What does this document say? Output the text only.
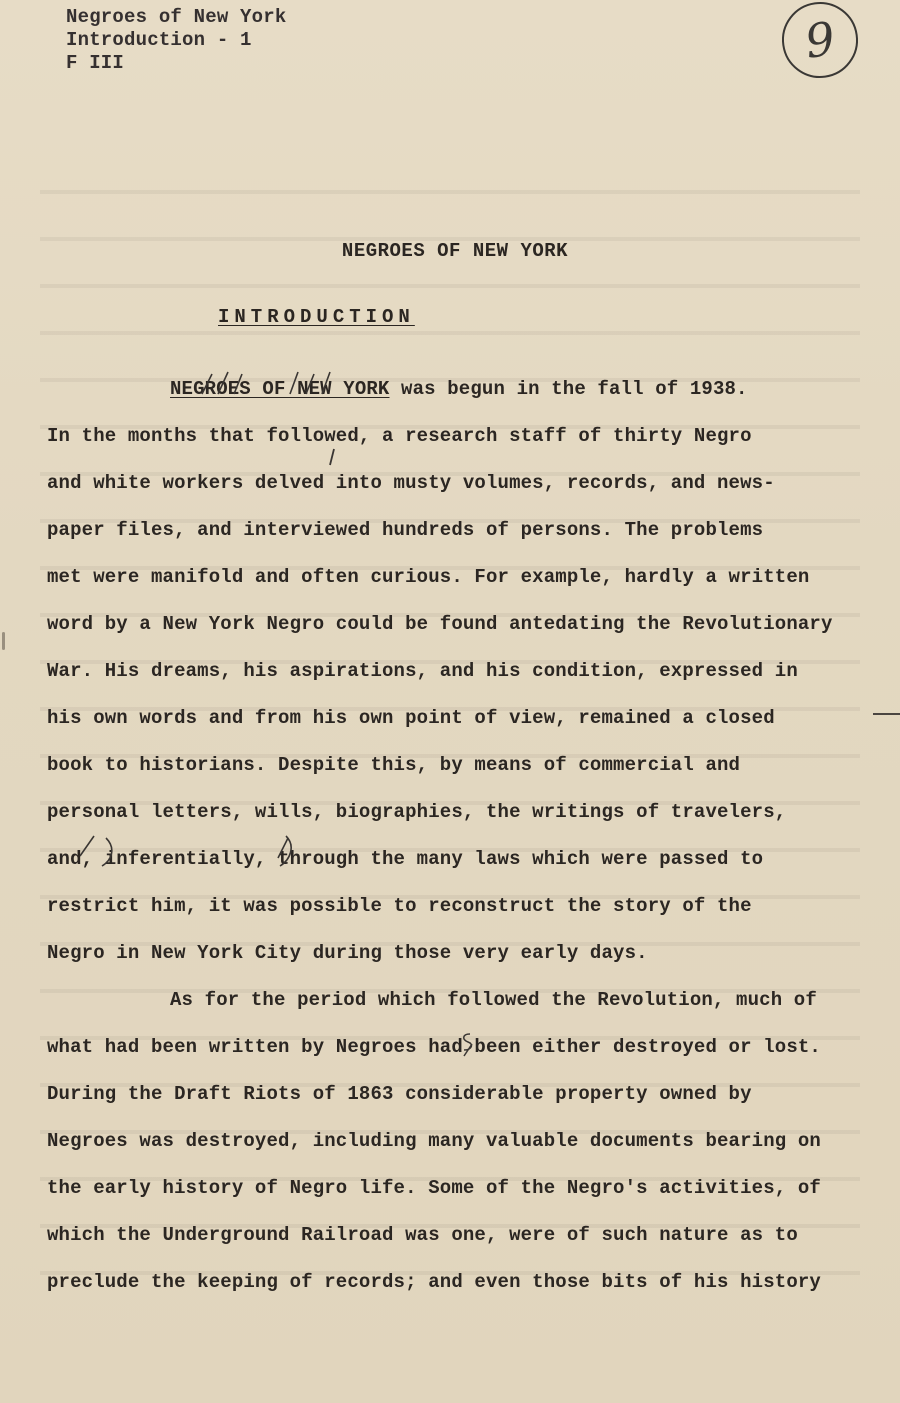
Negroes of New York
Introduction - 1
F III	9
NEGROES OF NEW YORK
INTRODUCTION
NEGROES OF NEW YORK was begun in the fall of 1938.
In the months that followed, a research staff of thirty Negro
and white workers delved into musty volumes, records, and news-
paper files, and interviewed hundreds of persons. The problems
met were manifold and often curious. For example, hardly a written
word by a New York Negro could be found antedating the Revolutionary
War. His dreams, his aspirations, and his condition, expressed in
his own words and from his own point of view, remained a closed
book to historians. Despite this, by means of commercial and
personal letters, wills, biographies, the writings of travelers,
and, inferentially, through the many laws which were passed to
restrict him, it was possible to reconstruct the story of the
Negro in New York City during those very early days.
As for the period which followed the Revolution, much of
what had been written by Negroes had been either destroyed or lost.
During the Draft Riots of 1863 considerable property owned by
Negroes was destroyed, including many valuable documents bearing on
the early history of Negro life. Some of the Negro's activities, of
which the Underground Railroad was one, were of such nature as to
preclude the keeping of records; and even those bits of his history
